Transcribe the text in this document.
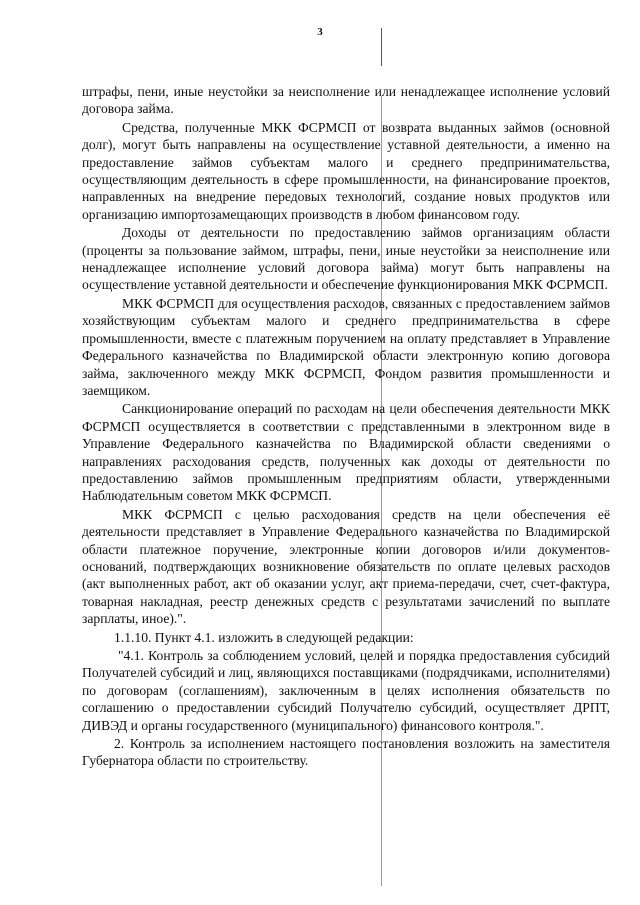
3

штрафы, пени, иные неустойки за неисполнение или ненадлежащее исполнение условий договора займа.

Средства, полученные МКК ФСРМСП от возврата выданных займов (основной долг), могут быть направлены на осуществление уставной деятельности, а именно на предоставление займов субъектам малого и среднего предпринимательства, осуществляющим деятельность в сфере промышленности, на финансирование проектов, направленных на внедрение передовых технологий, создание новых продуктов или организацию импортозамещающих производств в любом финансовом году.

Доходы от деятельности по предоставлению займов организациям области (проценты за пользование займом, штрафы, пени, иные неустойки за неисполнение или ненадлежащее исполнение условий договора займа) могут быть направлены на осуществление уставной деятельности и обеспечение функционирования МКК ФСРМСП.

МКК ФСРМСП для осуществления расходов, связанных с предоставлением займов хозяйствующим субъектам малого и среднего предпринимательства в сфере промышленности, вместе с платежным поручением на оплату представляет в Управление Федерального казначейства по Владимирской области электронную копию договора займа, заключенного между МКК ФСРМСП, Фондом развития промышленности и заемщиком.

Санкционирование операций по расходам на цели обеспечения деятельности МКК ФСРМСП осуществляется в соответствии с представленными в электронном виде в Управление Федерального казначейства по Владимирской области сведениями о направлениях расходования средств, полученных как доходы от деятельности по предоставлению займов промышленным предприятиям области, утвержденными Наблюдательным советом МКК ФСРМСП.

МКК ФСРМСП с целью расходования средств на цели обеспечения её деятельности представляет в Управление Федерального казначейства по Владимирской области платежное поручение, электронные копии договоров и/или документов-оснований, подтверждающих возникновение обязательств по оплате целевых расходов (акт выполненных работ, акт об оказании услуг, акт приема-передачи, счет, счет-фактура, товарная накладная, реестр денежных средств с результатами зачислений по выплате зарплаты, иное).".

1.1.10. Пункт 4.1. изложить в следующей редакции:

"4.1. Контроль за соблюдением условий, целей и порядка предоставления субсидий Получателей субсидий и лиц, являющихся поставщиками (подрядчиками, исполнителями) по договорам (соглашениям), заключенным в целях исполнения обязательств по соглашению о предоставлении субсидий Получателю субсидий, осуществляет ДРПТ, ДИВЭД и органы государственного (муниципального) финансового контроля.".

2. Контроль за исполнением настоящего постановления возложить на заместителя Губернатора области по строительству.
